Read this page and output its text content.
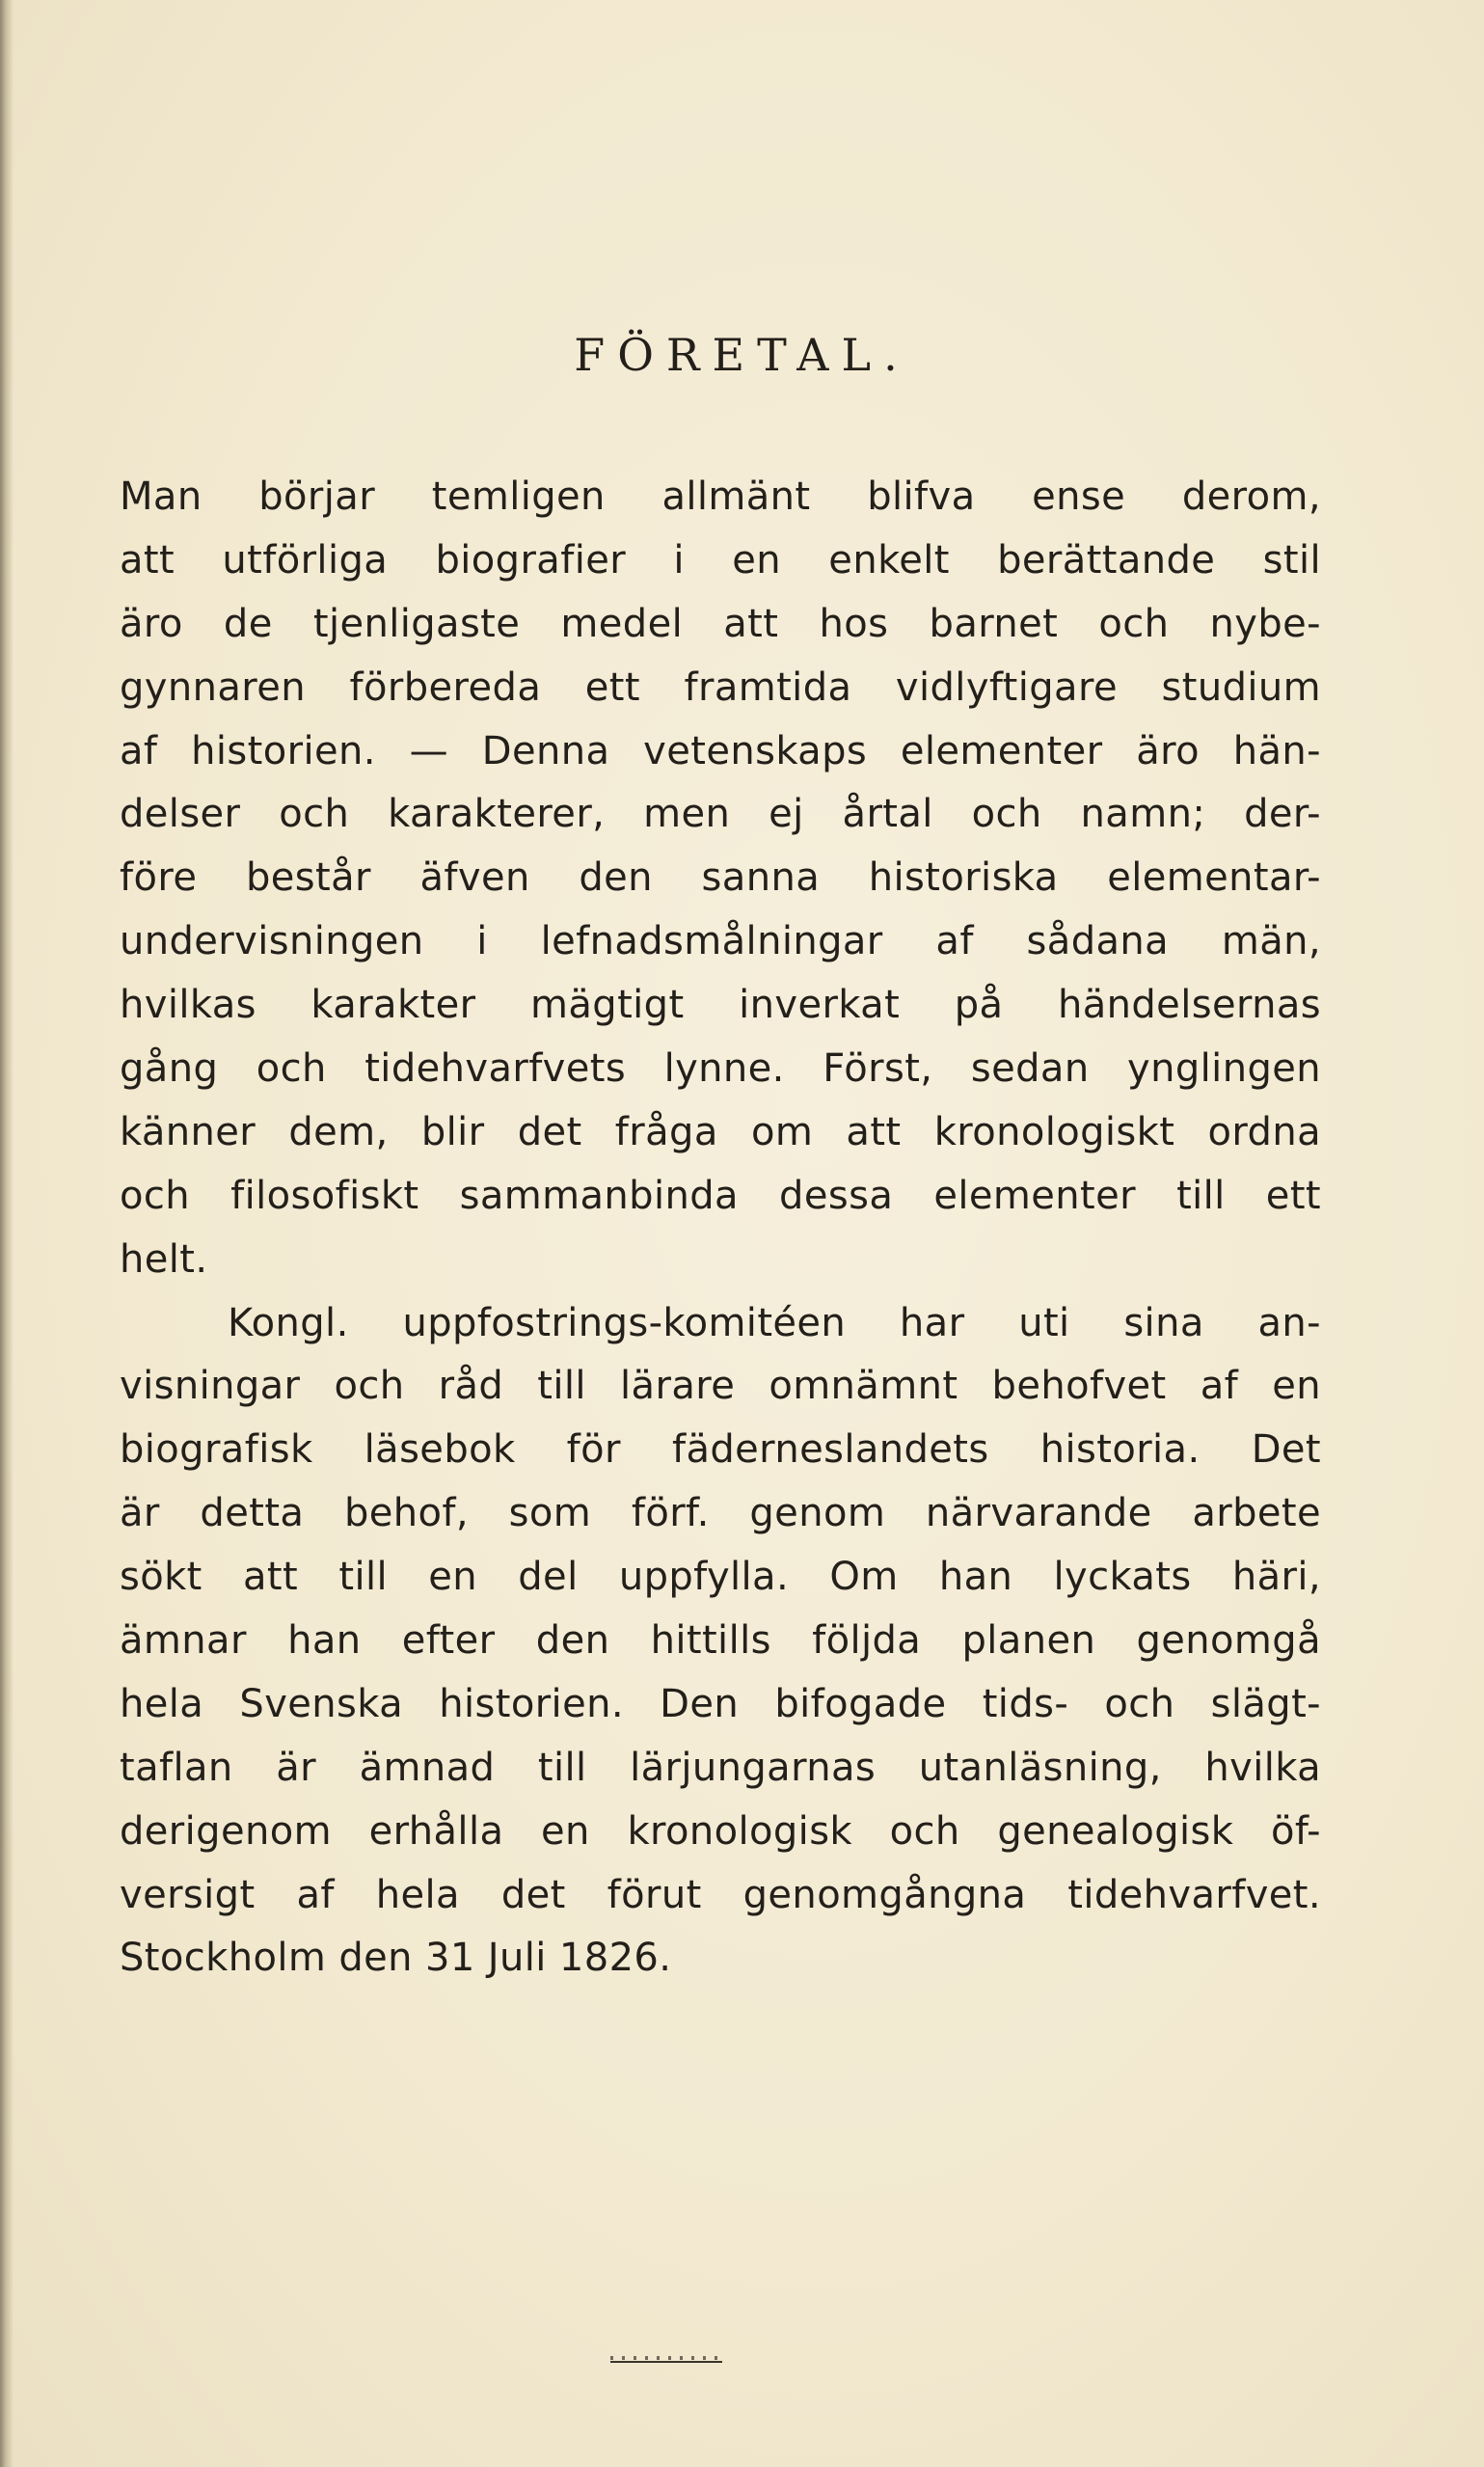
FÖRETAL.
Man börjar temligen allmänt blifva ense derom,
att utförliga biografier i en enkelt berättande stil
äro de tjenligaste medel att hos barnet och nybe-
gynnaren förbereda ett framtida vidlyftigare studium
af historien. — Denna vetenskaps elementer äro hän-
delser och karakterer, men ej årtal och namn; der-
före består äfven den sanna historiska elementar-
undervisningen i lefnadsmålningar af sådana män,
hvilkas karakter mägtigt inverkat på händelsernas
gång och tidehvarfvets lynne. Först, sedan ynglingen
känner dem, blir det fråga om att kronologiskt ordna
och filosofiskt sammanbinda dessa elementer till ett
helt.
Kongl. uppfostrings-komitéen har uti sina an-
visningar och råd till lärare omnämnt behofvet af en
biografisk läsebok för fäderneslandets historia. Det
är detta behof, som förf. genom närvarande arbete
sökt att till en del uppfylla. Om han lyckats häri,
ämnar han efter den hittills följda planen genomgå
hela Svenska historien. Den bifogade tids- och slägt-
taflan är ämnad till lärjungarnas utanläsning, hvilka
derigenom erhålla en kronologisk och genealogisk öf-
versigt af hela det förut genomgångna tidehvarfvet.
Stockholm den 31 Juli 1826.
